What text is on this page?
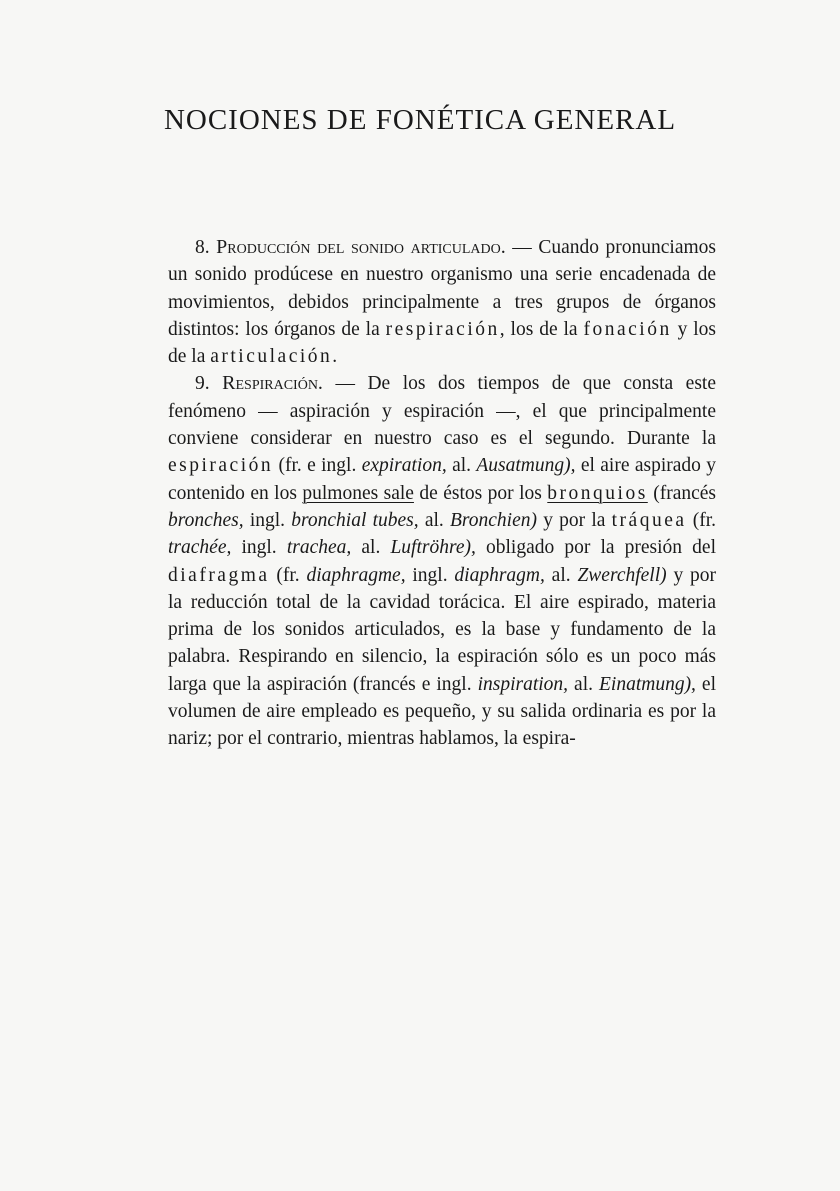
NOCIONES DE FONÉTICA GENERAL

8. Producción del sonido articulado. — Cuando pronunciamos un sonido prodúcese en nuestro organismo una serie encadenada de movimientos, debidos principalmente a tres grupos de órganos distintos: los órganos de la respiración, los de la fonación y los de la articulación.

9. Respiración. — De los dos tiempos de que consta este fenómeno — aspiración y espiración —, el que principalmente conviene considerar en nuestro caso es el segundo. Durante la espiración (fr. e ingl. expiration, al. Ausatmung), el aire aspirado y contenido en los pulmones sale de éstos por los bronquios (francés bronches, ingl. bronchial tubes, al. Bronchien) y por la tráquea (fr. trachée, ingl. trachea, al. Luftröhre), obligado por la presión del diafragma (fr. diaphragme, ingl. diaphragm, al. Zwerchfell) y por la reducción total de la cavidad torácica. El aire espirado, materia prima de los sonidos articulados, es la base y fundamento de la palabra. Respirando en silencio, la espiración sólo es un poco más larga que la aspiración (francés e ingl. inspiration, al. Einatmung), el volumen de aire empleado es pequeño, y su salida ordinaria es por la nariz; por el contrario, mientras hablamos, la espira-
